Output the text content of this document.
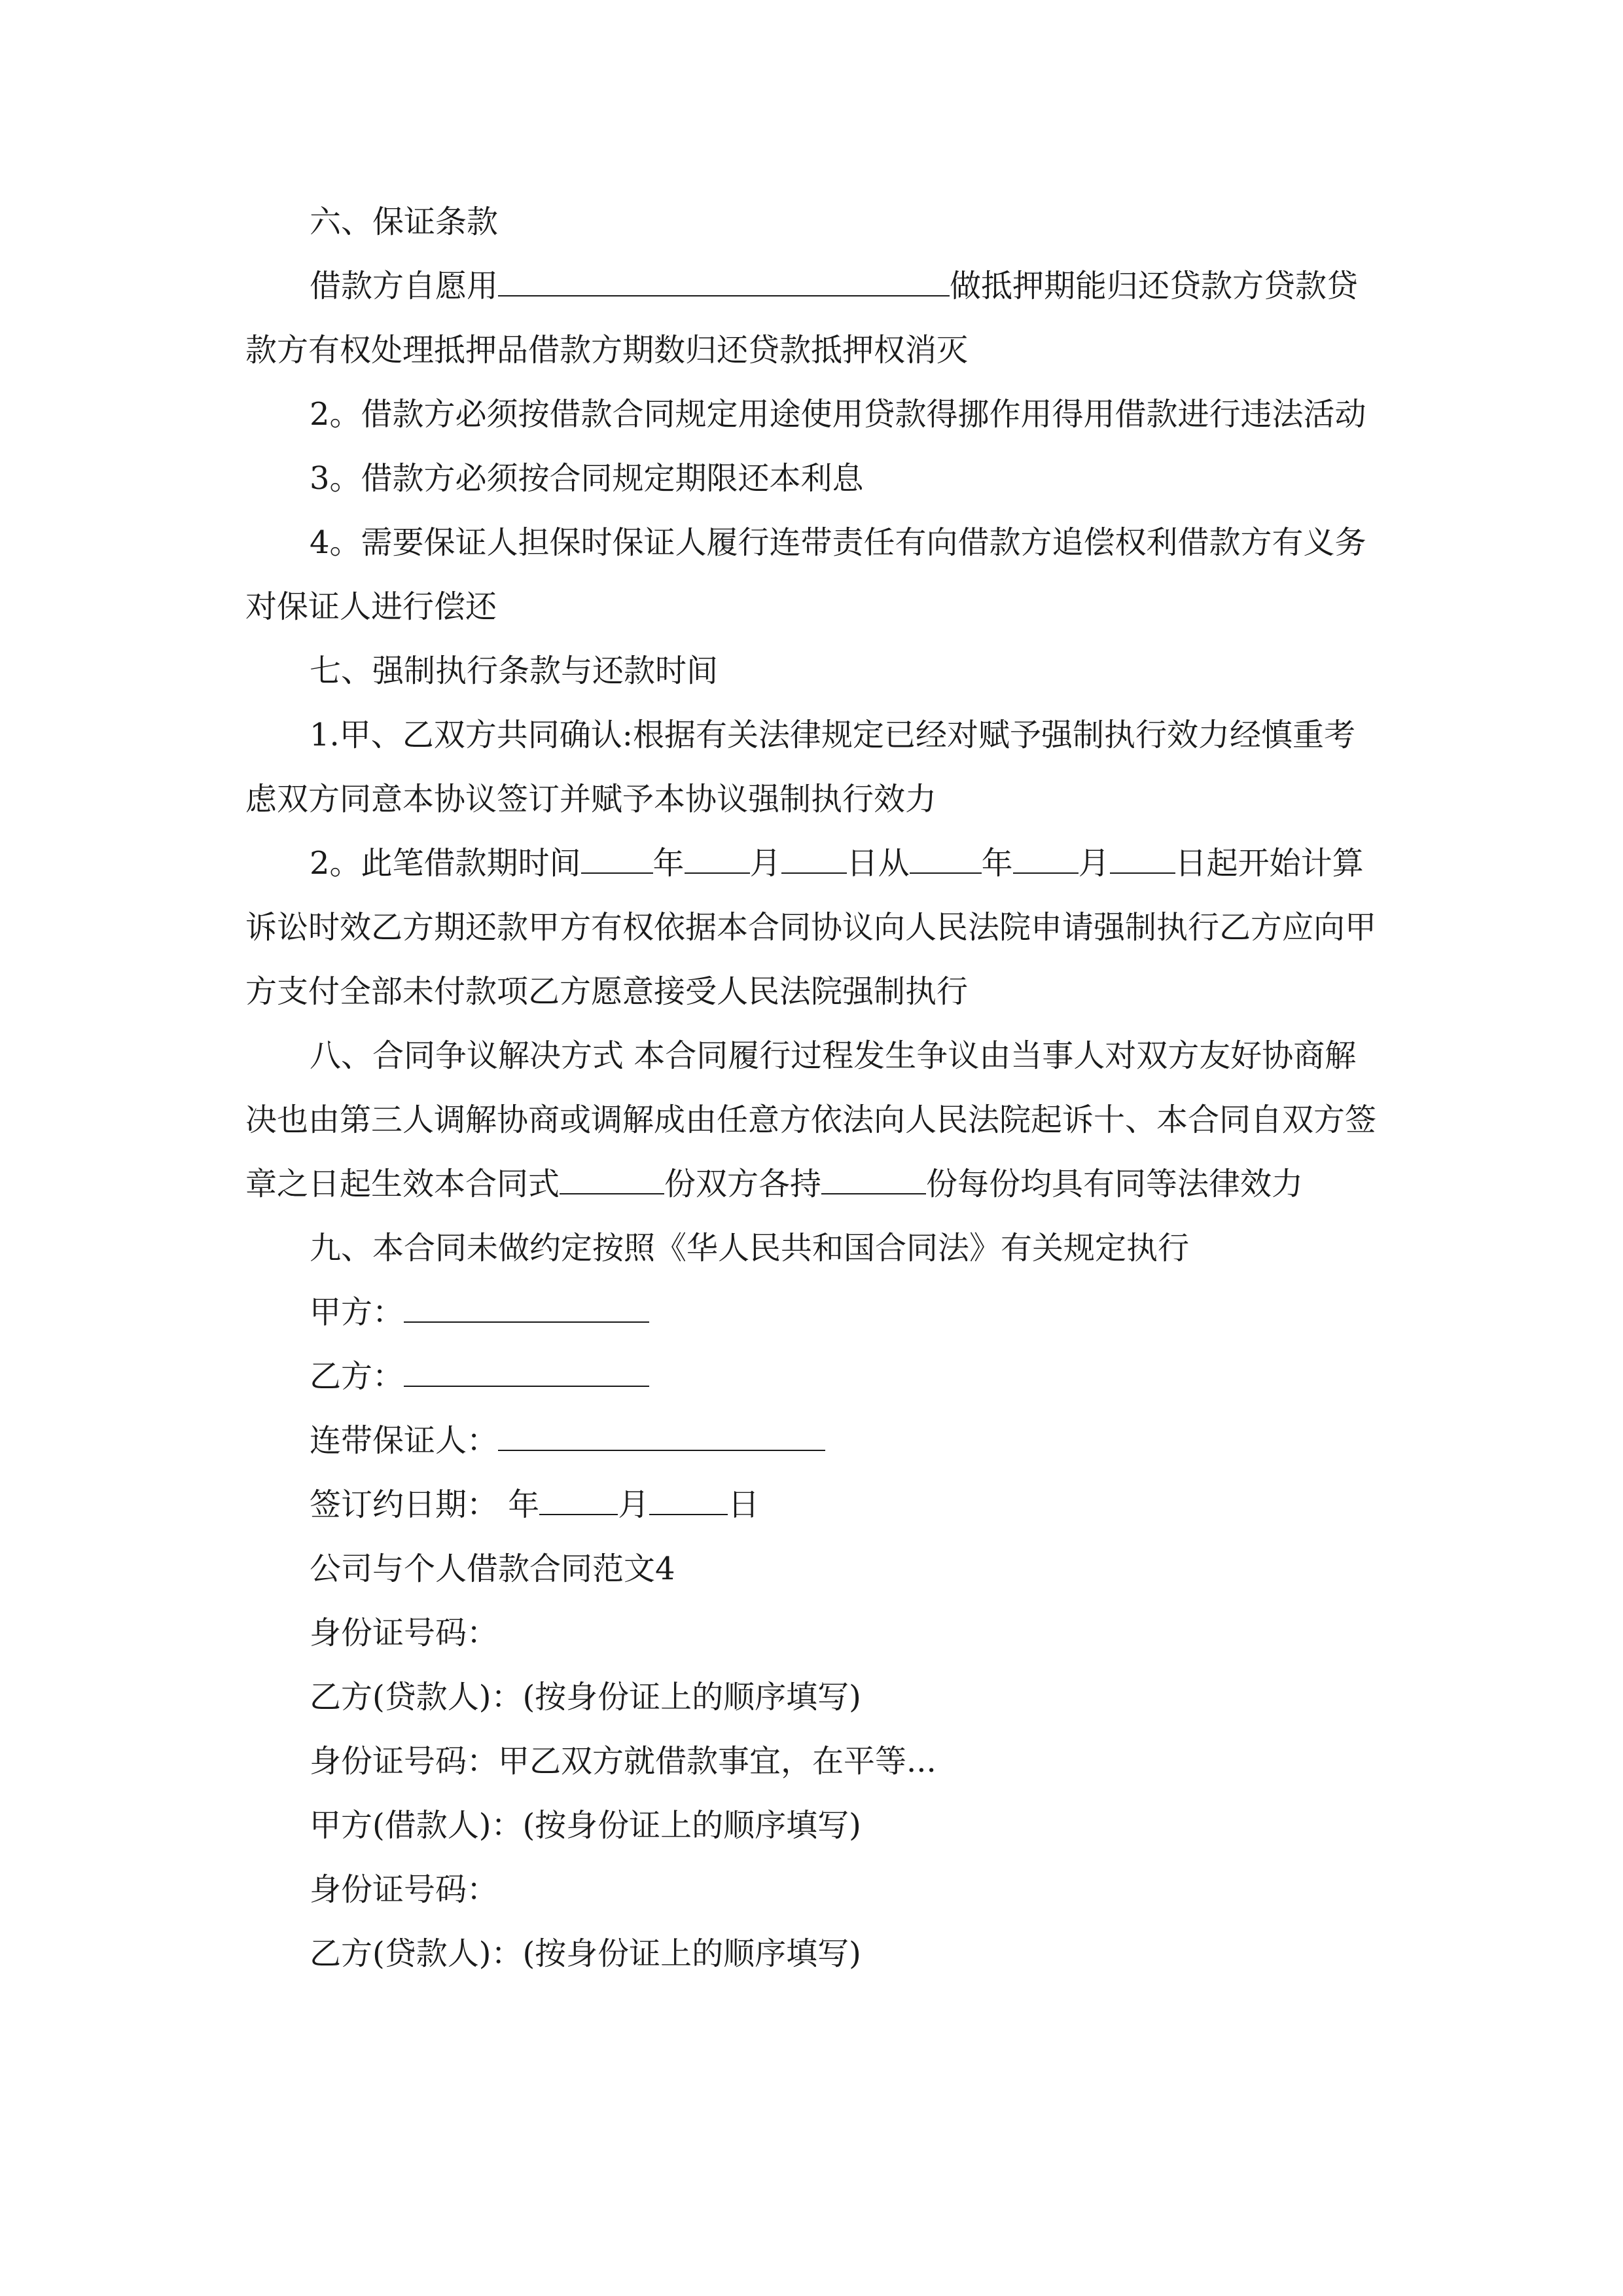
六、保证条款

借款方自愿用	做抵押期能归还贷款方贷款贷款方有权处理抵押品借款方期数归还贷款抵押权消灭

2。借款方必须按借款合同规定用途使用贷款得挪作用得用借款进行违法活动

3。借款方必须按合同规定期限还本利息

4。需要保证人担保时保证人履行连带责任有向借款方追偿权利借款方有义务对保证人进行偿还

七、强制执行条款与还款时间

1.甲、乙双方共同确认:根据有关法律规定已经对赋予强制执行效力经慎重考虑双方同意本协议签订并赋予本协议强制执行效力

2。此笔借款期时间 年 月 日从 年 月 日起开始计算诉讼时效乙方期还款甲方有权依据本合同协议向人民法院申请强制执行乙方应向甲方支付全部未付款项乙方愿意接受人民法院强制执行

八、合同争议解决方式 本合同履行过程发生争议由当事人对双方友好协商解决也由第三人调解协商或调解成由任意方依法向人民法院起诉十、本合同自双方签章之日起生效本合同式	份双方各持	份每份均具有同等法律效力

九、本合同未做约定按照《华人民共和国合同法》有关规定执行

甲方：

乙方：

连带保证人：

签订约日期： 年	月	日

公司与个人借款合同范文4

身份证号码：

乙方(贷款人)：(按身份证上的顺序填写)

身份证号码：甲乙双方就借款事宜，在平等...

甲方(借款人)：(按身份证上的顺序填写)

身份证号码：

乙方(贷款人)：(按身份证上的顺序填写)
